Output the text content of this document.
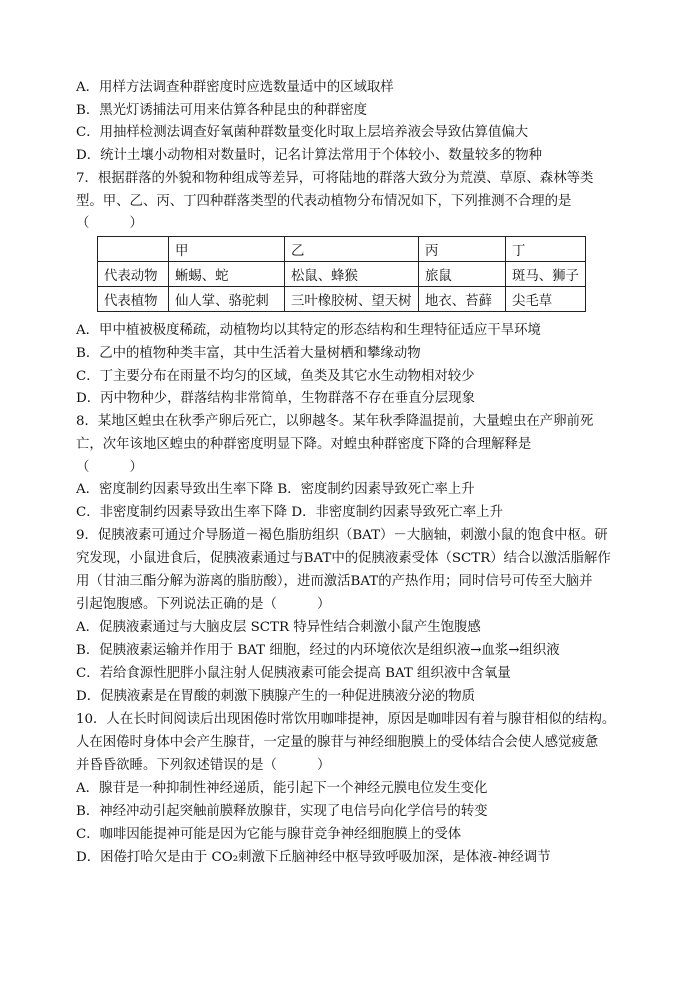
A．用样方法调查种群密度时应选数量适中的区域取样
B．黑光灯诱捕法可用来估算各种昆虫的种群密度
C．用抽样检测法调查好氧菌种群数量变化时取上层培养液会导致估算值偏大
D．统计土壤小动物相对数量时，记名计算法常用于个体较小、数量较多的物种
7．根据群落的外貌和物种组成等差异，可将陆地的群落大致分为荒漠、草原、森林等类
型。甲、乙、丙、丁四种群落类型的代表动植物分布情况如下，下列推测不合理的是
（　　　）
	甲	乙	丙	丁
代表动物	蜥蜴、蛇	松鼠、蜂猴	旅鼠	斑马、狮子
代表植物	仙人掌、骆驼刺	三叶橡胶树、望天树	地衣、苔藓	尖毛草
A．甲中植被极度稀疏，动植物均以其特定的形态结构和生理特征适应干旱环境
B．乙中的植物种类丰富，其中生活着大量树栖和攀缘动物
C．丁主要分布在雨量不均匀的区域，鱼类及其它水生动物相对较少
D．丙中物种少，群落结构非常简单，生物群落不存在垂直分层现象
8．某地区蝗虫在秋季产卵后死亡，以卵越冬。某年秋季降温提前，大量蝗虫在产卵前死
亡，次年该地区蝗虫的种群密度明显下降。对蝗虫种群密度下降的合理解释是
（　　　）
A．密度制约因素导致出生率下降 B．密度制约因素导致死亡率上升
C．非密度制约因素导致出生率下降 D．非密度制约因素导致死亡率上升
9．促胰液素可通过介导肠道－褐色脂肪组织（BAT）－大脑轴，刺激小鼠的饱食中枢。研
究发现，小鼠进食后，促胰液素通过与BAT中的促胰液素受体（SCTR）结合以激活脂解作
用（甘油三酯分解为游离的脂肪酸），进而激活BAT的产热作用；同时信号可传至大脑并
引起饱腹感。下列说法正确的是（　　　）
A．促胰液素通过与大脑皮层 SCTR 特异性结合刺激小鼠产生饱腹感
B．促胰液素运输并作用于 BAT 细胞，经过的内环境依次是组织液→血浆→组织液
C．若给食源性肥胖小鼠注射人促胰液素可能会提高 BAT 组织液中含氧量
D．促胰液素是在胃酸的刺激下胰腺产生的一种促进胰液分泌的物质
10．人在长时间阅读后出现困倦时常饮用咖啡提神，原因是咖啡因有着与腺苷相似的结构。
人在困倦时身体中会产生腺苷，一定量的腺苷与神经细胞膜上的受体结合会使人感觉疲惫
并昏昏欲睡。下列叙述错误的是（　　　）
A．腺苷是一种抑制性神经递质，能引起下一个神经元膜电位发生变化
B．神经冲动引起突触前膜释放腺苷，实现了电信号向化学信号的转变
C．咖啡因能提神可能是因为它能与腺苷竞争神经细胞膜上的受体
D．困倦打哈欠是由于 CO₂刺激下丘脑神经中枢导致呼吸加深，是体液-神经调节
